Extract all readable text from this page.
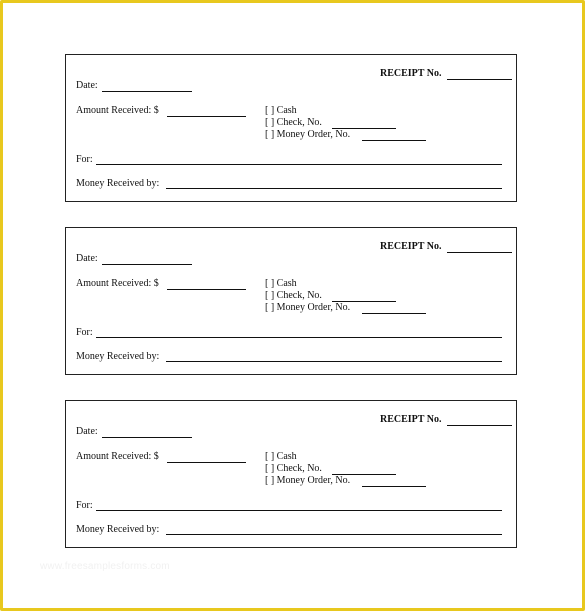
RECEIPT No.
Date:
Amount Received: $	[ ] Cash
[ ] Check, No.
[ ] Money Order, No.
For:
Money Received by:
RECEIPT No.
Date:
Amount Received: $	[ ] Cash
[ ] Check, No.
[ ] Money Order, No.
For:
Money Received by:
RECEIPT No.
Date:
Amount Received: $	[ ] Cash
[ ] Check, No.
[ ] Money Order, No.
For:
Money Received by:
www.freesamplesforms.com
